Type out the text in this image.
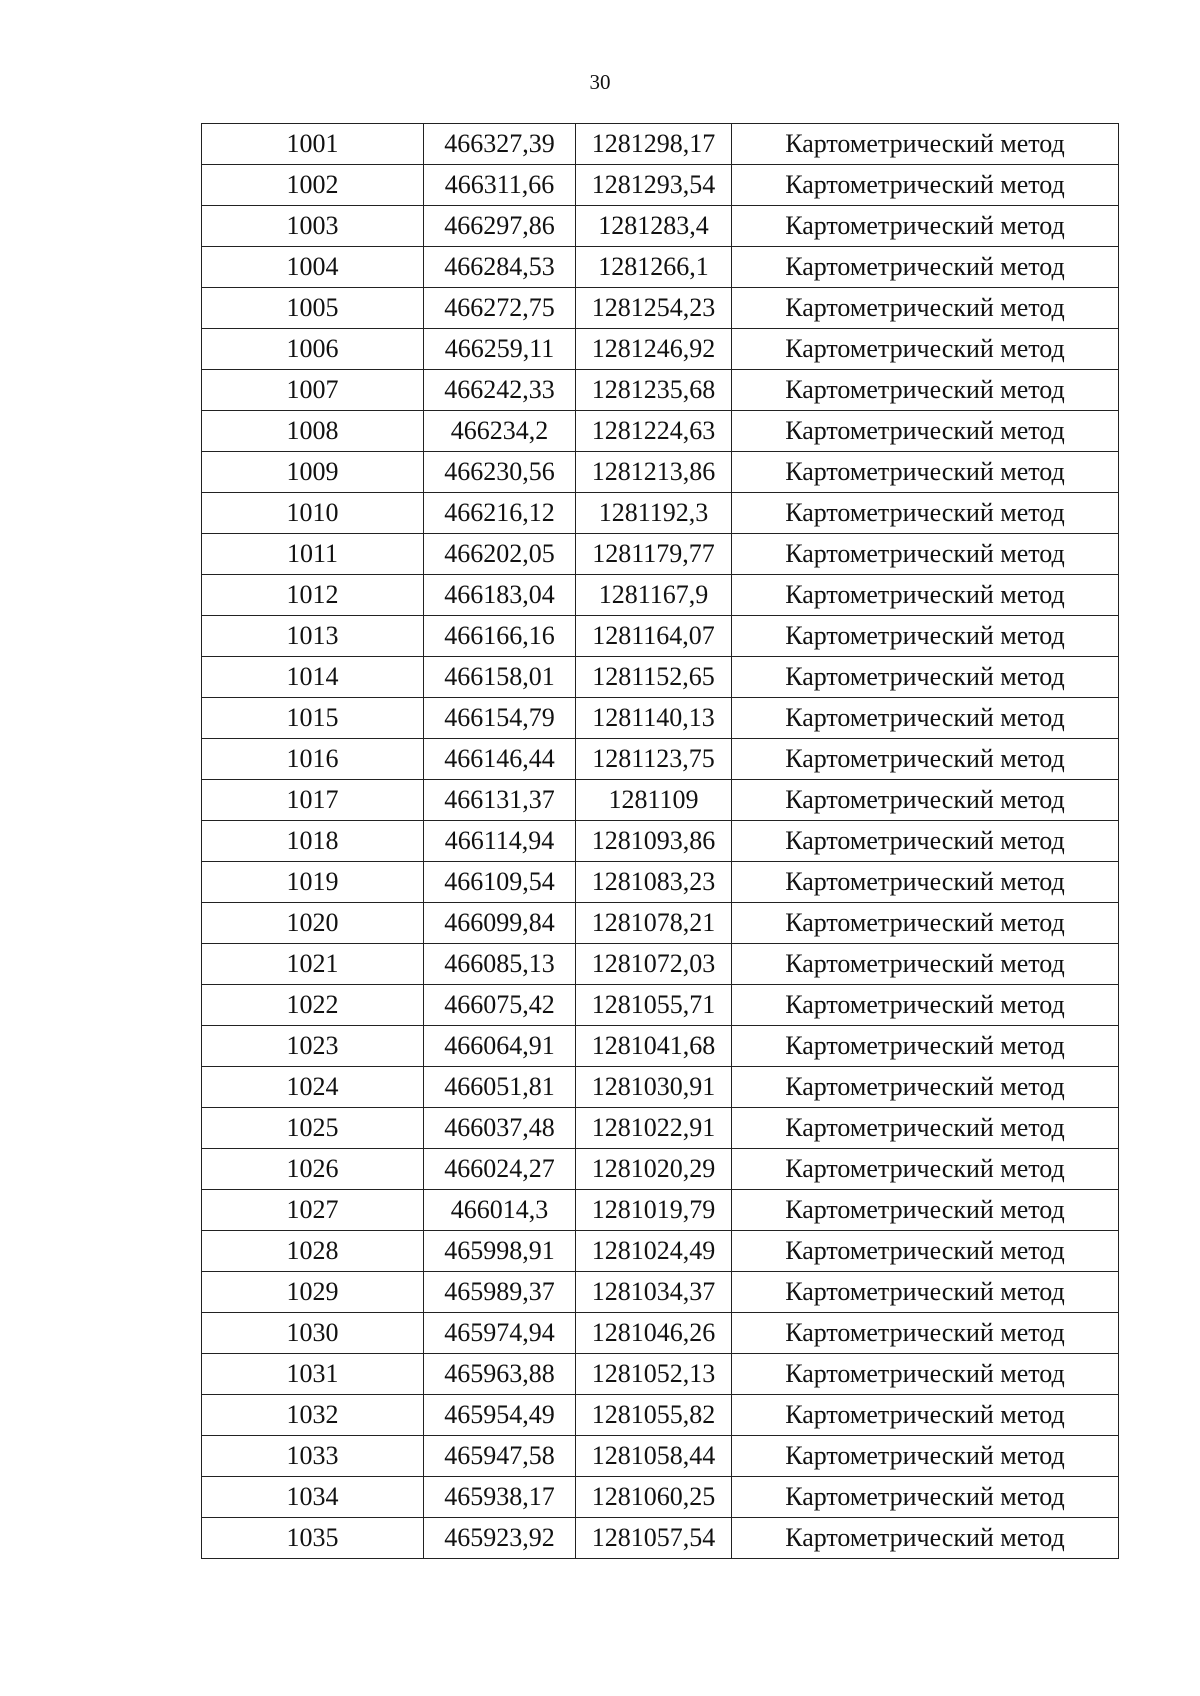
30
1001	466327,39	1281298,17	Картометрический метод
1002	466311,66	1281293,54	Картометрический метод
1003	466297,86	1281283,4	Картометрический метод
1004	466284,53	1281266,1	Картометрический метод
1005	466272,75	1281254,23	Картометрический метод
1006	466259,11	1281246,92	Картометрический метод
1007	466242,33	1281235,68	Картометрический метод
1008	466234,2	1281224,63	Картометрический метод
1009	466230,56	1281213,86	Картометрический метод
1010	466216,12	1281192,3	Картометрический метод
1011	466202,05	1281179,77	Картометрический метод
1012	466183,04	1281167,9	Картометрический метод
1013	466166,16	1281164,07	Картометрический метод
1014	466158,01	1281152,65	Картометрический метод
1015	466154,79	1281140,13	Картометрический метод
1016	466146,44	1281123,75	Картометрический метод
1017	466131,37	1281109	Картометрический метод
1018	466114,94	1281093,86	Картометрический метод
1019	466109,54	1281083,23	Картометрический метод
1020	466099,84	1281078,21	Картометрический метод
1021	466085,13	1281072,03	Картометрический метод
1022	466075,42	1281055,71	Картометрический метод
1023	466064,91	1281041,68	Картометрический метод
1024	466051,81	1281030,91	Картометрический метод
1025	466037,48	1281022,91	Картометрический метод
1026	466024,27	1281020,29	Картометрический метод
1027	466014,3	1281019,79	Картометрический метод
1028	465998,91	1281024,49	Картометрический метод
1029	465989,37	1281034,37	Картометрический метод
1030	465974,94	1281046,26	Картометрический метод
1031	465963,88	1281052,13	Картометрический метод
1032	465954,49	1281055,82	Картометрический метод
1033	465947,58	1281058,44	Картометрический метод
1034	465938,17	1281060,25	Картометрический метод
1035	465923,92	1281057,54	Картометрический метод
